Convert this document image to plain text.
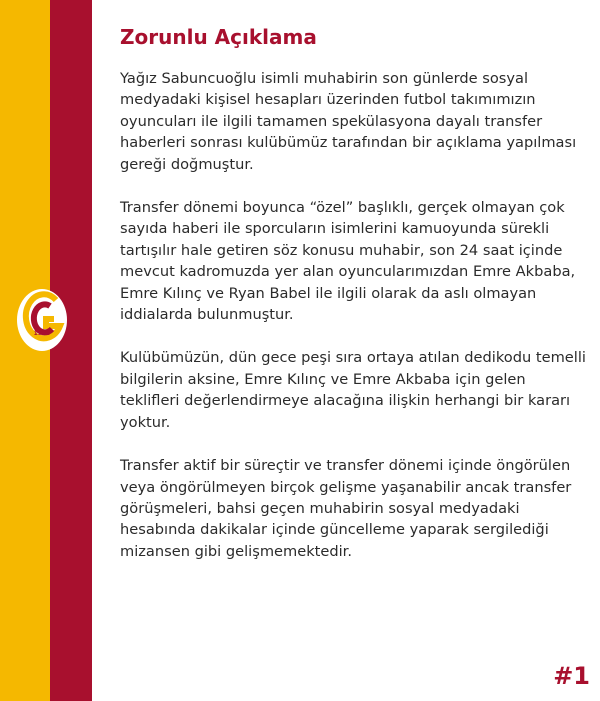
1905
Zorunlu Açıklama

Yağız Sabuncuoğlu isimli muhabirin son günlerde sosyal medyadaki kişisel hesapları üzerinden futbol takımımızın oyuncuları ile ilgili tamamen spekülasyona dayalı transfer haberleri sonrası kulübümüz tarafından bir açıklama yapılması gereği doğmuştur.

Transfer dönemi boyunca “özel” başlıklı, gerçek olmayan çok sayıda haberi ile sporcuların isimlerini kamuoyunda sürekli tartışılır hale getiren söz konusu muhabir, son 24 saat içinde mevcut kadromuzda yer alan oyuncularımızdan Emre Akbaba, Emre Kılınç ve Ryan Babel ile ilgili olarak da aslı olmayan iddialarda bulunmuştur.

Kulübümüzün, dün gece peşi sıra ortaya atılan dedikodu temelli bilgilerin aksine, Emre Kılınç ve Emre Akbaba için gelen teklifleri değerlendirmeye alacağına ilişkin herhangi bir kararı yoktur.

Transfer aktif bir süreçtir ve transfer dönemi içinde öngörülen veya öngörülmeyen birçok gelişme yaşanabilir ancak transfer görüşmeleri, bahsi geçen muhabirin sosyal medyadaki hesabında dakikalar içinde güncelleme yaparak sergilediği mizansen gibi gelişmemektedir.

#1
